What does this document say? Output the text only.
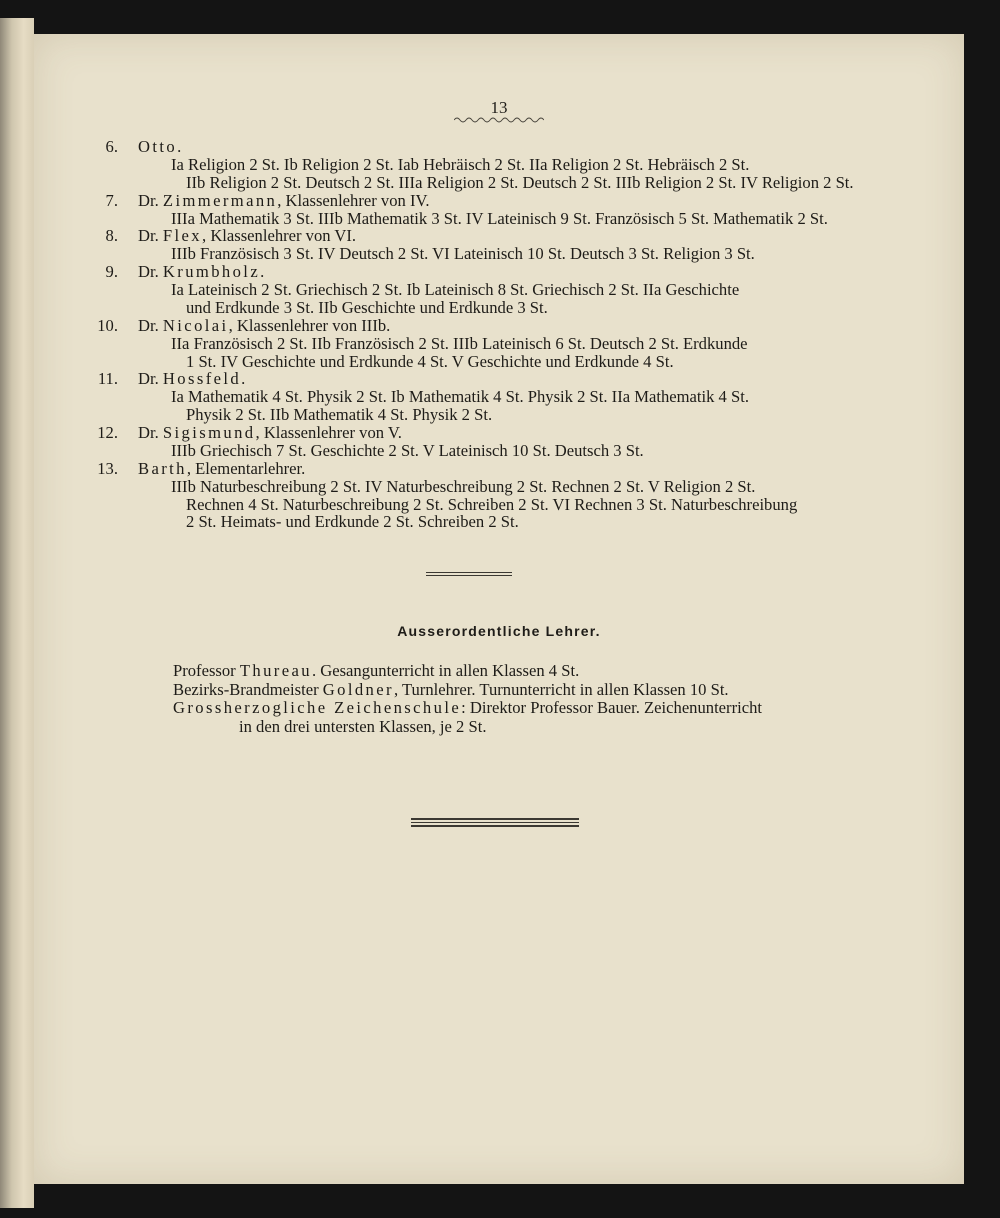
13
6. Otto.
Ia Religion 2 St. Ib Religion 2 St. Iab Hebräisch 2 St. IIa Religion 2 St. Hebräisch 2 St.
IIb Religion 2 St. Deutsch 2 St. IIIa Religion 2 St. Deutsch 2 St. IIIb Religion 2 St. IV Religion 2 St.
7. Dr. Zimmermann, Klassenlehrer von IV.
IIIa Mathematik 3 St. IIIb Mathematik 3 St. IV Lateinisch 9 St. Französisch 5 St. Mathematik 2 St.
8. Dr. Flex, Klassenlehrer von VI.
IIIb Französisch 3 St. IV Deutsch 2 St. VI Lateinisch 10 St. Deutsch 3 St. Religion 3 St.
9. Dr. Krumbholz.
Ia Lateinisch 2 St. Griechisch 2 St. Ib Lateinisch 8 St. Griechisch 2 St. IIa Geschichte
und Erdkunde 3 St. IIb Geschichte und Erdkunde 3 St.
10. Dr. Nicolai, Klassenlehrer von IIIb.
IIa Französisch 2 St. IIb Französisch 2 St. IIIb Lateinisch 6 St. Deutsch 2 St. Erdkunde
1 St. IV Geschichte und Erdkunde 4 St. V Geschichte und Erdkunde 4 St.
11. Dr. Hossfeld.
Ia Mathematik 4 St. Physik 2 St. Ib Mathematik 4 St. Physik 2 St. IIa Mathematik 4 St.
Physik 2 St. IIb Mathematik 4 St. Physik 2 St.
12. Dr. Sigismund, Klassenlehrer von V.
IIIb Griechisch 7 St. Geschichte 2 St. V Lateinisch 10 St. Deutsch 3 St.
13. Barth, Elementarlehrer.
IIIb Naturbeschreibung 2 St. IV Naturbeschreibung 2 St. Rechnen 2 St. V Religion 2 St.
Rechnen 4 St. Naturbeschreibung 2 St. Schreiben 2 St. VI Rechnen 3 St. Naturbeschreibung
2 St. Heimats- und Erdkunde 2 St. Schreiben 2 St.
Ausserordentliche Lehrer.
Professor Thureau. Gesangunterricht in allen Klassen 4 St.
Bezirks-Brandmeister Goldner, Turnlehrer. Turnunterricht in allen Klassen 10 St.
Grossherzogliche Zeichenschule: Direktor Professor Bauer. Zeichenunterricht
in den drei untersten Klassen, je 2 St.
